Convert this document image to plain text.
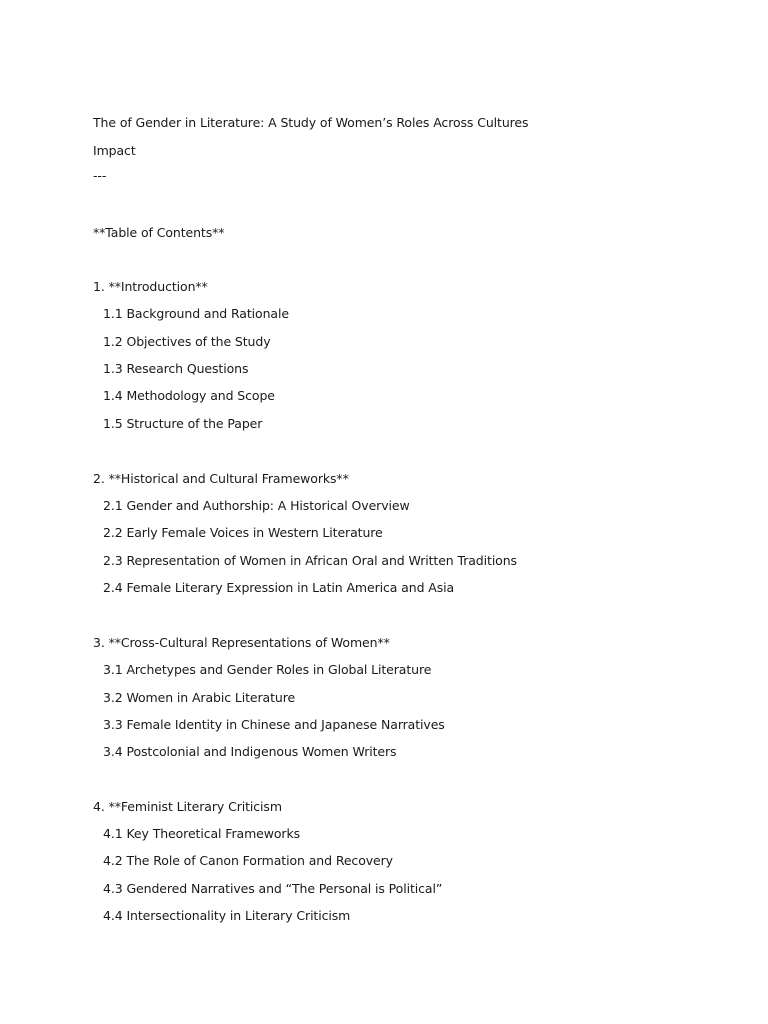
The of Gender in Literature: A Study of Women’s Roles Across Cultures
Impact
---
**Table of Contents**
1. **Introduction**
1.1 Background and Rationale
1.2 Objectives of the Study
1.3 Research Questions
1.4 Methodology and Scope
1.5 Structure of the Paper
2. **Historical and Cultural Frameworks**
2.1 Gender and Authorship: A Historical Overview
2.2 Early Female Voices in Western Literature
2.3 Representation of Women in African Oral and Written Traditions
2.4 Female Literary Expression in Latin America and Asia
3. **Cross-Cultural Representations of Women**
3.1 Archetypes and Gender Roles in Global Literature
3.2 Women in Arabic Literature
3.3 Female Identity in Chinese and Japanese Narratives
3.4 Postcolonial and Indigenous Women Writers
4. **Feminist Literary Criticism
4.1 Key Theoretical Frameworks
4.2 The Role of Canon Formation and Recovery
4.3 Gendered Narratives and “The Personal is Political”
4.4 Intersectionality in Literary Criticism
